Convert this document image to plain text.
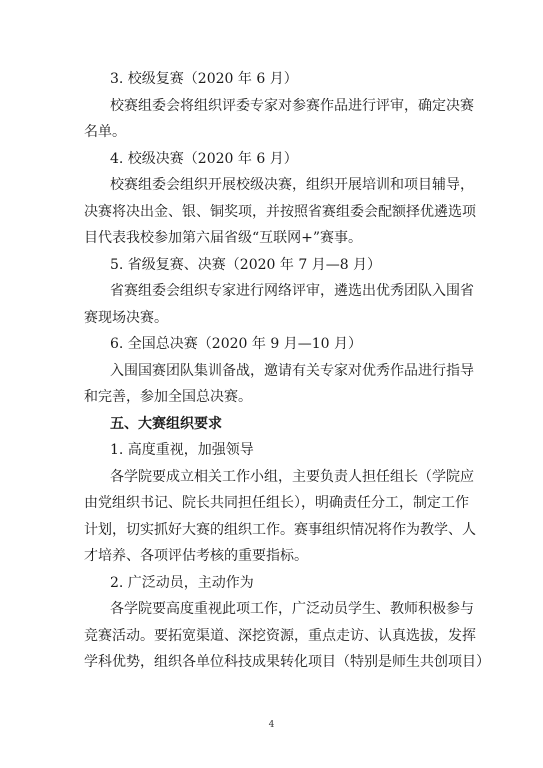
3. 校级复赛（2020 年 6 月）
校赛组委会将组织评委专家对参赛作品进行评审，确定决赛
名单。
4. 校级决赛（2020 年 6 月）
校赛组委会组织开展校级决赛，组织开展培训和项目辅导，
决赛将决出金、银、铜奖项，并按照省赛组委会配额择优遴选项
目代表我校参加第六届省级“互联网+”赛事。
5. 省级复赛、决赛（2020 年 7 月—8 月）
省赛组委会组织专家进行网络评审，遴选出优秀团队入围省
赛现场决赛。
6. 全国总决赛（2020 年 9 月—10 月）
入围国赛团队集训备战，邀请有关专家对优秀作品进行指导
和完善，参加全国总决赛。
五、大赛组织要求
1. 高度重视，加强领导
各学院要成立相关工作小组，主要负责人担任组长（学院应
由党组织书记、院长共同担任组长），明确责任分工，制定工作
计划，切实抓好大赛的组织工作。赛事组织情况将作为教学、人
才培养、各项评估考核的重要指标。
2. 广泛动员，主动作为
各学院要高度重视此项工作，广泛动员学生、教师积极参与
竞赛活动。要拓宽渠道、深挖资源，重点走访、认真选拔，发挥
学科优势，组织各单位科技成果转化项目（特别是师生共创项目）
4
